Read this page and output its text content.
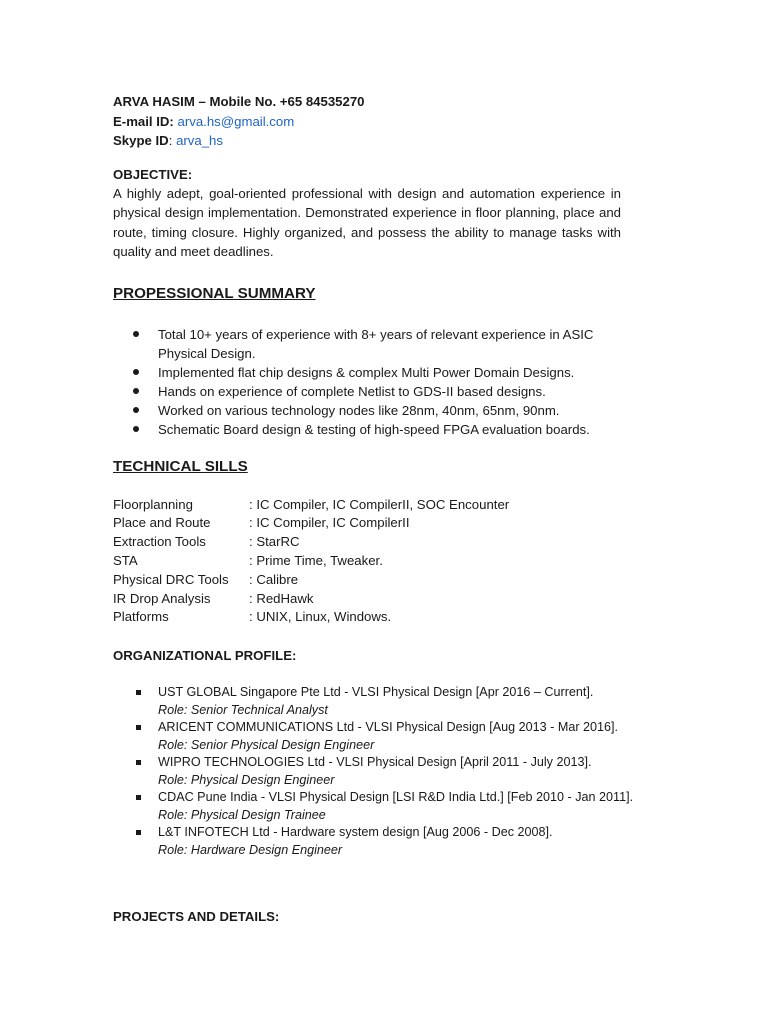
ARVA HASIM – Mobile No. +65 84535270
E-mail ID: arva.hs@gmail.com
Skype ID: arva_hs
OBJECTIVE:
A highly adept, goal-oriented professional with design and automation experience in physical design implementation. Demonstrated experience in floor planning, place and route, timing closure. Highly organized, and possess the ability to manage tasks with quality and meet deadlines.
PROPESSIONAL SUMMARY
Total 10+ years of experience with 8+ years of relevant experience in ASIC
Physical Design.
Implemented flat chip designs & complex Multi Power Domain Designs.
Hands on experience of complete Netlist to GDS-II based designs.
Worked on various technology nodes like 28nm, 40nm, 65nm, 90nm.
Schematic Board design & testing of high-speed FPGA evaluation boards.
TECHNICAL SILLS
Floorplanning	: IC Compiler, IC CompilerII, SOC Encounter
Place and Route	: IC Compiler, IC CompilerII
Extraction Tools	: StarRC
STA	: Prime Time, Tweaker.
Physical DRC Tools : Calibre
IR Drop Analysis	: RedHawk
Platforms	: UNIX, Linux, Windows.
ORGANIZATIONAL PROFILE:
UST GLOBAL Singapore Pte Ltd - VLSI Physical Design [Apr 2016 – Current].
Role: Senior Technical Analyst
ARICENT COMMUNICATIONS Ltd - VLSI Physical Design [Aug 2013 - Mar 2016].
Role: Senior Physical Design Engineer
WIPRO TECHNOLOGIES Ltd - VLSI Physical Design [April 2011 - July 2013].
Role: Physical Design Engineer
CDAC Pune India - VLSI Physical Design [LSI R&D India Ltd.] [Feb 2010 - Jan 2011].
Role: Physical Design Trainee
L&T INFOTECH Ltd - Hardware system design [Aug 2006 - Dec 2008].
Role: Hardware Design Engineer
PROJECTS AND DETAILS:
